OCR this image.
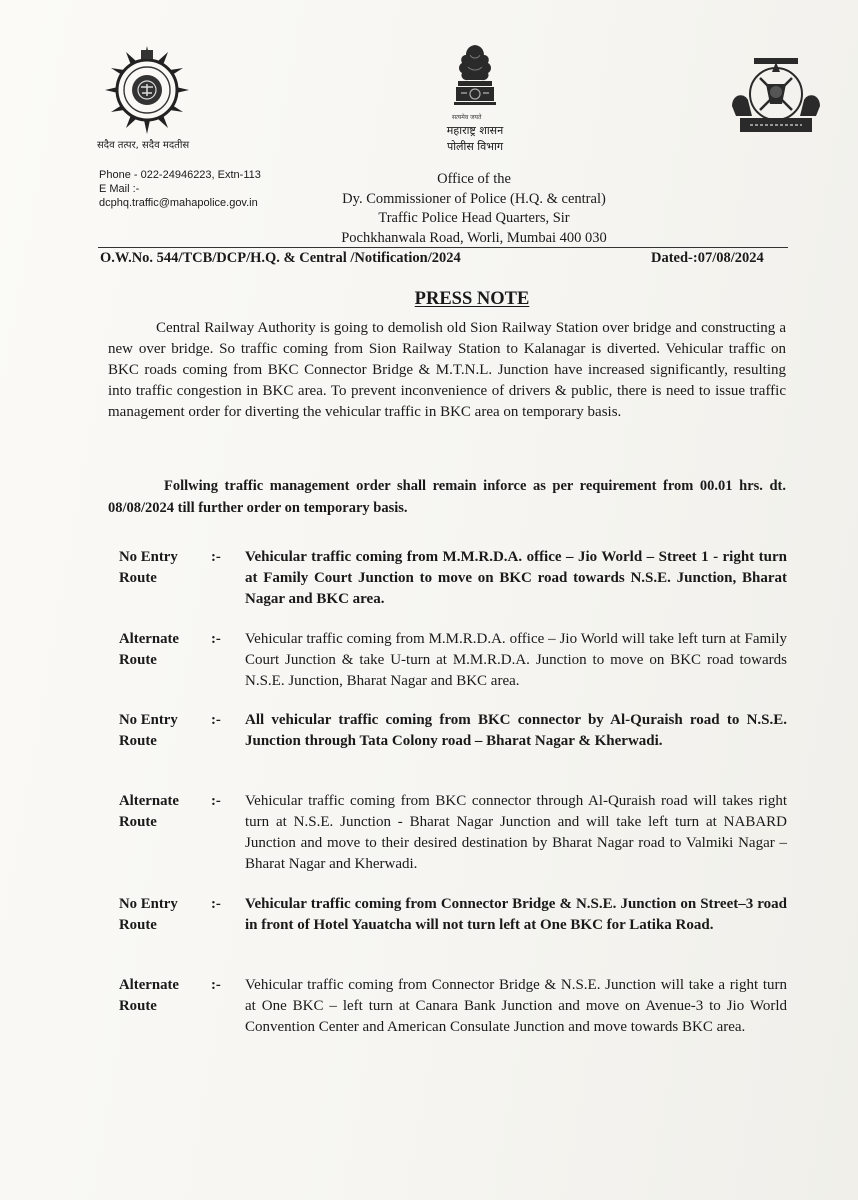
सदैव तत्पर, सदैव मदतीस
सत्यमेव जयते
महाराष्ट्र शासन
पोलीस विभाग
Phone - 022-24946223, Extn-113
E Mail :-
dcphq.traffic@mahapolice.gov.in
Office of the
Dy. Commissioner of Police (H.Q. & central)
Traffic Police Head Quarters, Sir
Pochkhanwala Road, Worli, Mumbai 400 030
O.W.No. 544/TCB/DCP/H.Q. & Central /Notification/2024	Dated-:07/08/2024
PRESS NOTE
Central Railway Authority is going to demolish old Sion Railway Station over bridge and constructing a new over bridge. So traffic coming from Sion Railway Station to Kalanagar is diverted. Vehicular traffic on BKC roads coming from BKC Connector Bridge & M.T.N.L. Junction have increased significantly, resulting into traffic congestion in BKC area. To prevent inconvenience of drivers & public, there is need to issue traffic management order for diverting the vehicular traffic in BKC area on temporary basis.
Follwing traffic management order shall remain inforce as per requirement from 00.01 hrs. dt. 08/08/2024 till further order on temporary basis.
No Entry
Route
:- Vehicular traffic coming from M.M.R.D.A. office – Jio World – Street 1 - right turn at Family Court Junction to move on BKC road towards N.S.E. Junction, Bharat Nagar and BKC area.
Alternate
Route
:- Vehicular traffic coming from M.M.R.D.A. office – Jio World will take left turn at Family Court Junction & take U-turn at M.M.R.D.A. Junction to move on BKC road towards N.S.E. Junction, Bharat Nagar and BKC area.
No Entry
Route
:- All vehicular traffic coming from BKC connector by Al-Quraish road to N.S.E. Junction through Tata Colony road – Bharat Nagar & Kherwadi.
Alternate
Route
:- Vehicular traffic coming from BKC connector through Al-Quraish road will takes right turn at N.S.E. Junction - Bharat Nagar Junction and will take left turn at NABARD Junction and move to their desired destination by Bharat Nagar road to Valmiki Nagar – Bharat Nagar and Kherwadi.
No Entry
Route
:- Vehicular traffic coming from Connector Bridge & N.S.E. Junction on Street–3 road in front of Hotel Yauatcha will not turn left at One BKC for Latika Road.
Alternate
Route
:- Vehicular traffic coming from Connector Bridge & N.S.E. Junction will take a right turn at One BKC – left turn at Canara Bank Junction and move on Avenue-3 to Jio World Convention Center and American Consulate Junction and move towards BKC area.
